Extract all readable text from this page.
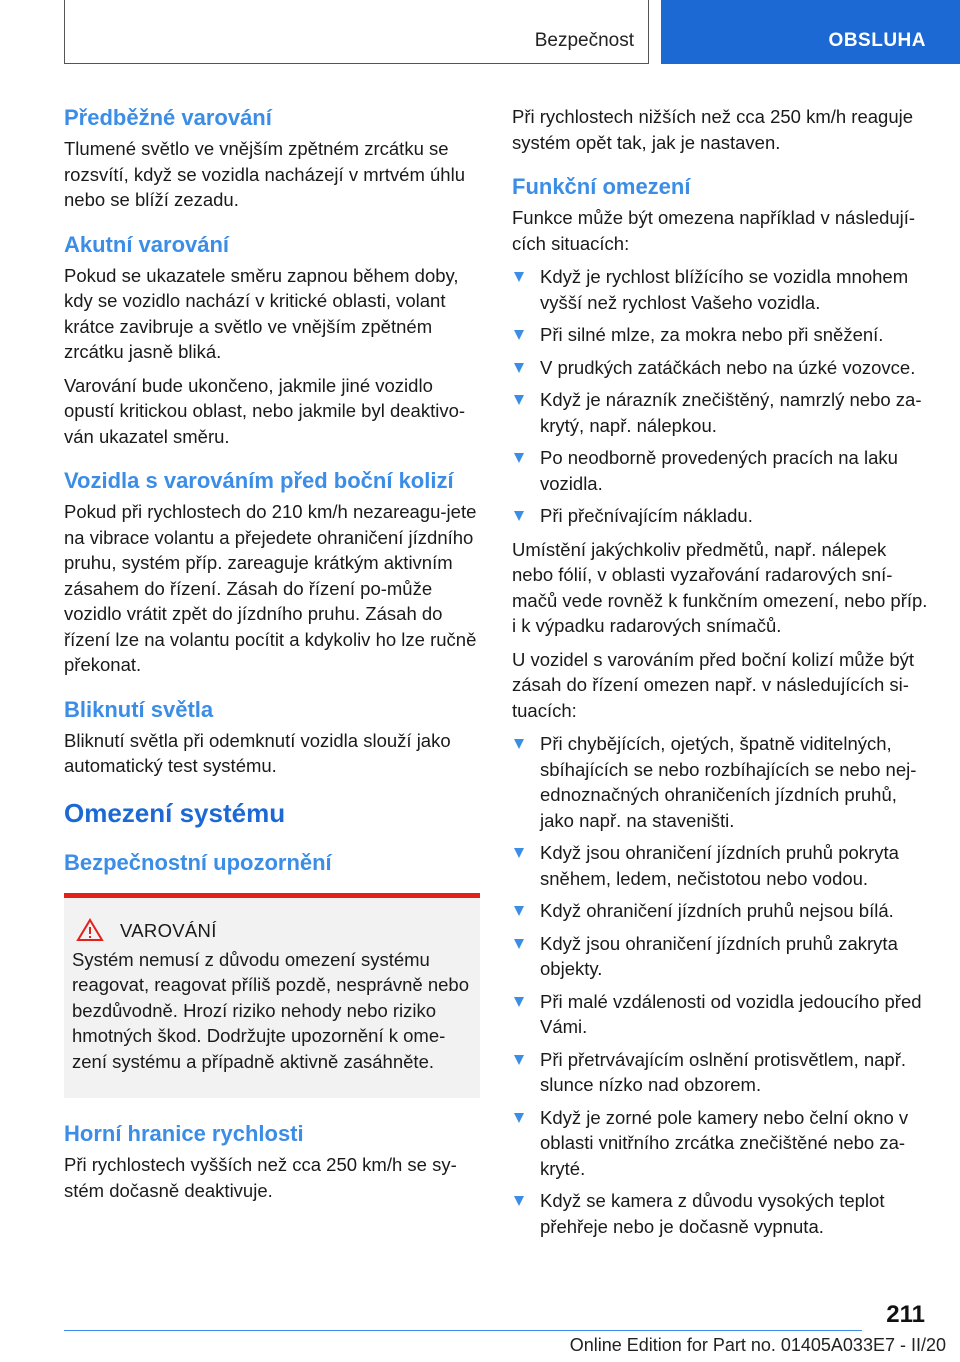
Bezpečnost	OBSLUHA
Předběžné varování

Tlumené světlo ve vnějším zpětném zrcátku se rozsvítí, když se vozidla nacházejí v mrtvém úhlu nebo se blíží zezadu.

Akutní varování

Pokud se ukazatele směru zapnou během doby, kdy se vozidlo nachází v kritické oblasti, volant krátce zavibruje a světlo ve vnějším zpětném zrcátku jasně bliká.

Varování bude ukončeno, jakmile jiné vozidlo opustí kritickou oblast, nebo jakmile byl deaktivo‐ván ukazatel směru.

Vozidla s varováním před boční kolizí

Pokud při rychlostech do 210 km/h nezareagu‐jete na vibrace volantu a přejedete ohraničení jízdního pruhu, systém příp. zareaguje krátkým aktivním zásahem do řízení. Zásah do řízení po‐může vozidlo vrátit zpět do jízdního pruhu. Zásah do řízení lze na volantu pocítit a kdykoliv ho lze ručně překonat.

Bliknutí světla

Bliknutí světla při odemknutí vozidla slouží jako automatický test systému.

Omezení systému
Bezpečnostní upozornění
VAROVÁNÍ

Systém nemusí z důvodu omezení systému reagovat, reagovat příliš pozdě, nesprávně nebo bezdůvodně. Hrozí riziko nehody nebo riziko hmotných škod. Dodržujte upozornění k ome‐zení systému a případně aktivně zasáhněte.

Horní hranice rychlosti

Při rychlostech vyšších než cca 250 km/h se sy‐stém dočasně deaktivuje.

Při rychlostech nižších než cca 250 km/h reaguje systém opět tak, jak je nastaven.

Funkční omezení

Funkce může být omezena například v následují‐cích situacích:

Když je rychlost blížícího se vozidla mnohem vyšší než rychlost Vašeho vozidla.
Při silné mlze, za mokra nebo při sněžení.
V prudkých zatáčkách nebo na úzké vozovce.
Když je nárazník znečištěný, namrzlý nebo za‐krytý, např. nálepkou.
Po neodborně provedených pracích na laku vozidla.
Při přečnívajícím nákladu.

Umístění jakýchkoliv předmětů, např. nálepek nebo fólií, v oblasti vyzařování radarových sní‐mačů vede rovněž k funkčním omezení, nebo příp. i k výpadku radarových snímačů.

U vozidel s varováním před boční kolizí může být zásah do řízení omezen např. v následujících si‐tuacích:

Při chybějících, ojetých, špatně viditelných, sbíhajících se nebo rozbíhajících se nebo nej‐ednoznačných ohraničeních jízdních pruhů, jako např. na staveništi.
Když jsou ohraničení jízdních pruhů pokryta sněhem, ledem, nečistotou nebo vodou.
Když ohraničení jízdních pruhů nejsou bílá.
Když jsou ohraničení jízdních pruhů zakryta objekty.
Při malé vzdálenosti od vozidla jedoucího před Vámi.
Při přetrvávajícím oslnění protisvětlem, např. slunce nízko nad obzorem.
Když je zorné pole kamery nebo čelní okno v oblasti vnitřního zrcátka znečištěné nebo za‐kryté.
Když se kamera z důvodu vysokých teplot přehřeje nebo je dočasně vypnuta.
211
Online Edition for Part no. 01405A033E7 - II/20
